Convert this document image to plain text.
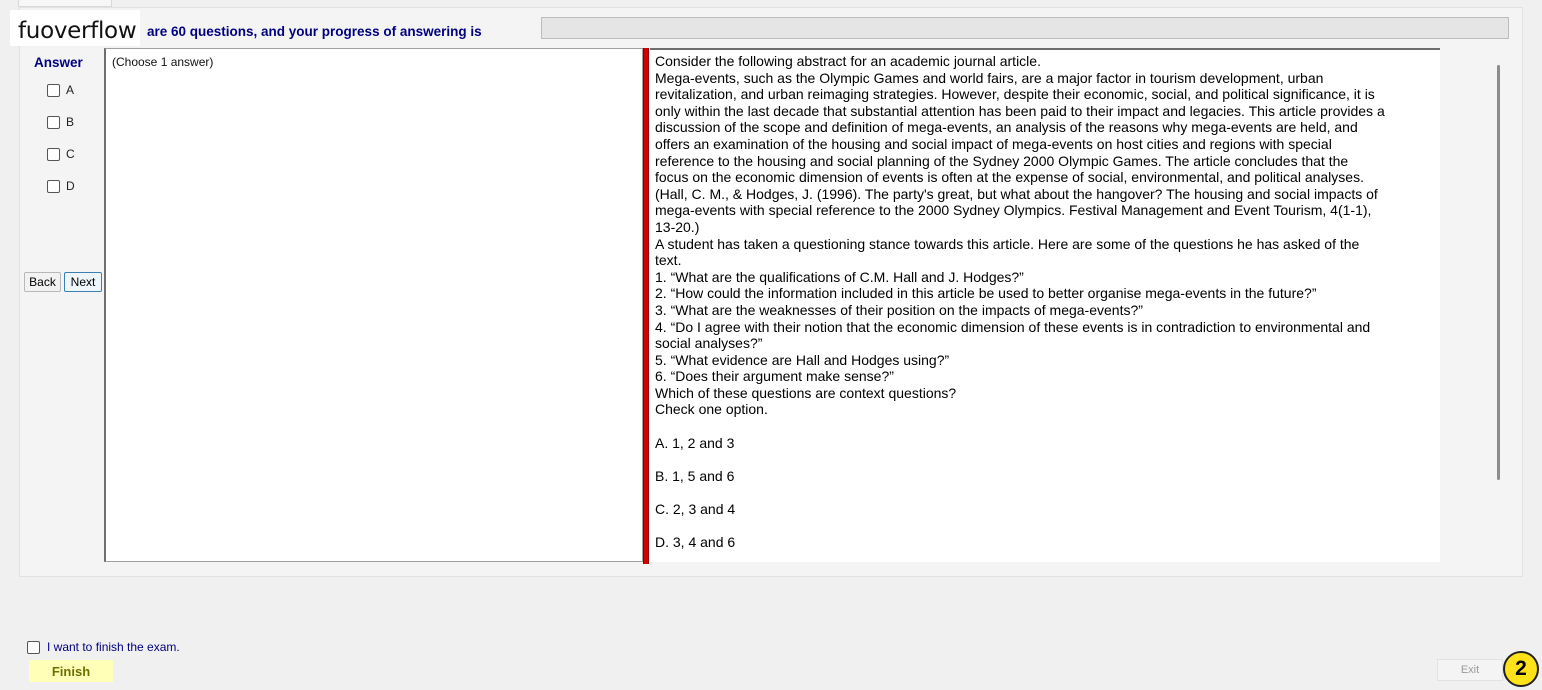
fuoverflow are 60 questions, and your progress of answering is
Answer
A
B
C
D
Back	Next
(Choose 1 answer)	Consider the following abstract for an academic journal article.

Mega-events, such as the Olympic Games and world fairs, are a major factor in tourism development, urban revitalization, and urban reimaging strategies. However, despite their economic, social, and political significance, it is only within the last decade that substantial attention has been paid to their impact and legacies. This article provides a discussion of the scope and definition of mega-events, an analysis of the reasons why mega-events are held, and offers an examination of the housing and social impact of mega-events on host cities and regions with special reference to the housing and social planning of the Sydney 2000 Olympic Games. The article concludes that the focus on the economic dimension of events is often at the expense of social, environmental, and political analyses.

(Hall, C. M., & Hodges, J. (1996). The party's great, but what about the hangover? The housing and social impacts of mega-events with special reference to the 2000 Sydney Olympics. Festival Management and Event Tourism, 4(1-1), 13-20.)

A student has taken a questioning stance towards this article. Here are some of the questions he has asked of the text.

1. “What are the qualifications of C.M. Hall and J. Hodges?”

2. “How could the information included in this article be used to better organise mega-events in the future?”

3. “What are the weaknesses of their position on the impacts of mega-events?”

4. “Do I agree with their notion that the economic dimension of these events is in contradiction to environmental and social analyses?”

5. “What evidence are Hall and Hodges using?”

6. “Does their argument make sense?”

Which of these questions are context questions?

Check one option.

A. 1, 2 and 3

B. 1, 5 and 6

C. 2, 3 and 4

D. 3, 4 and 6

I want to finish the exam.
Finish	Exit	2
